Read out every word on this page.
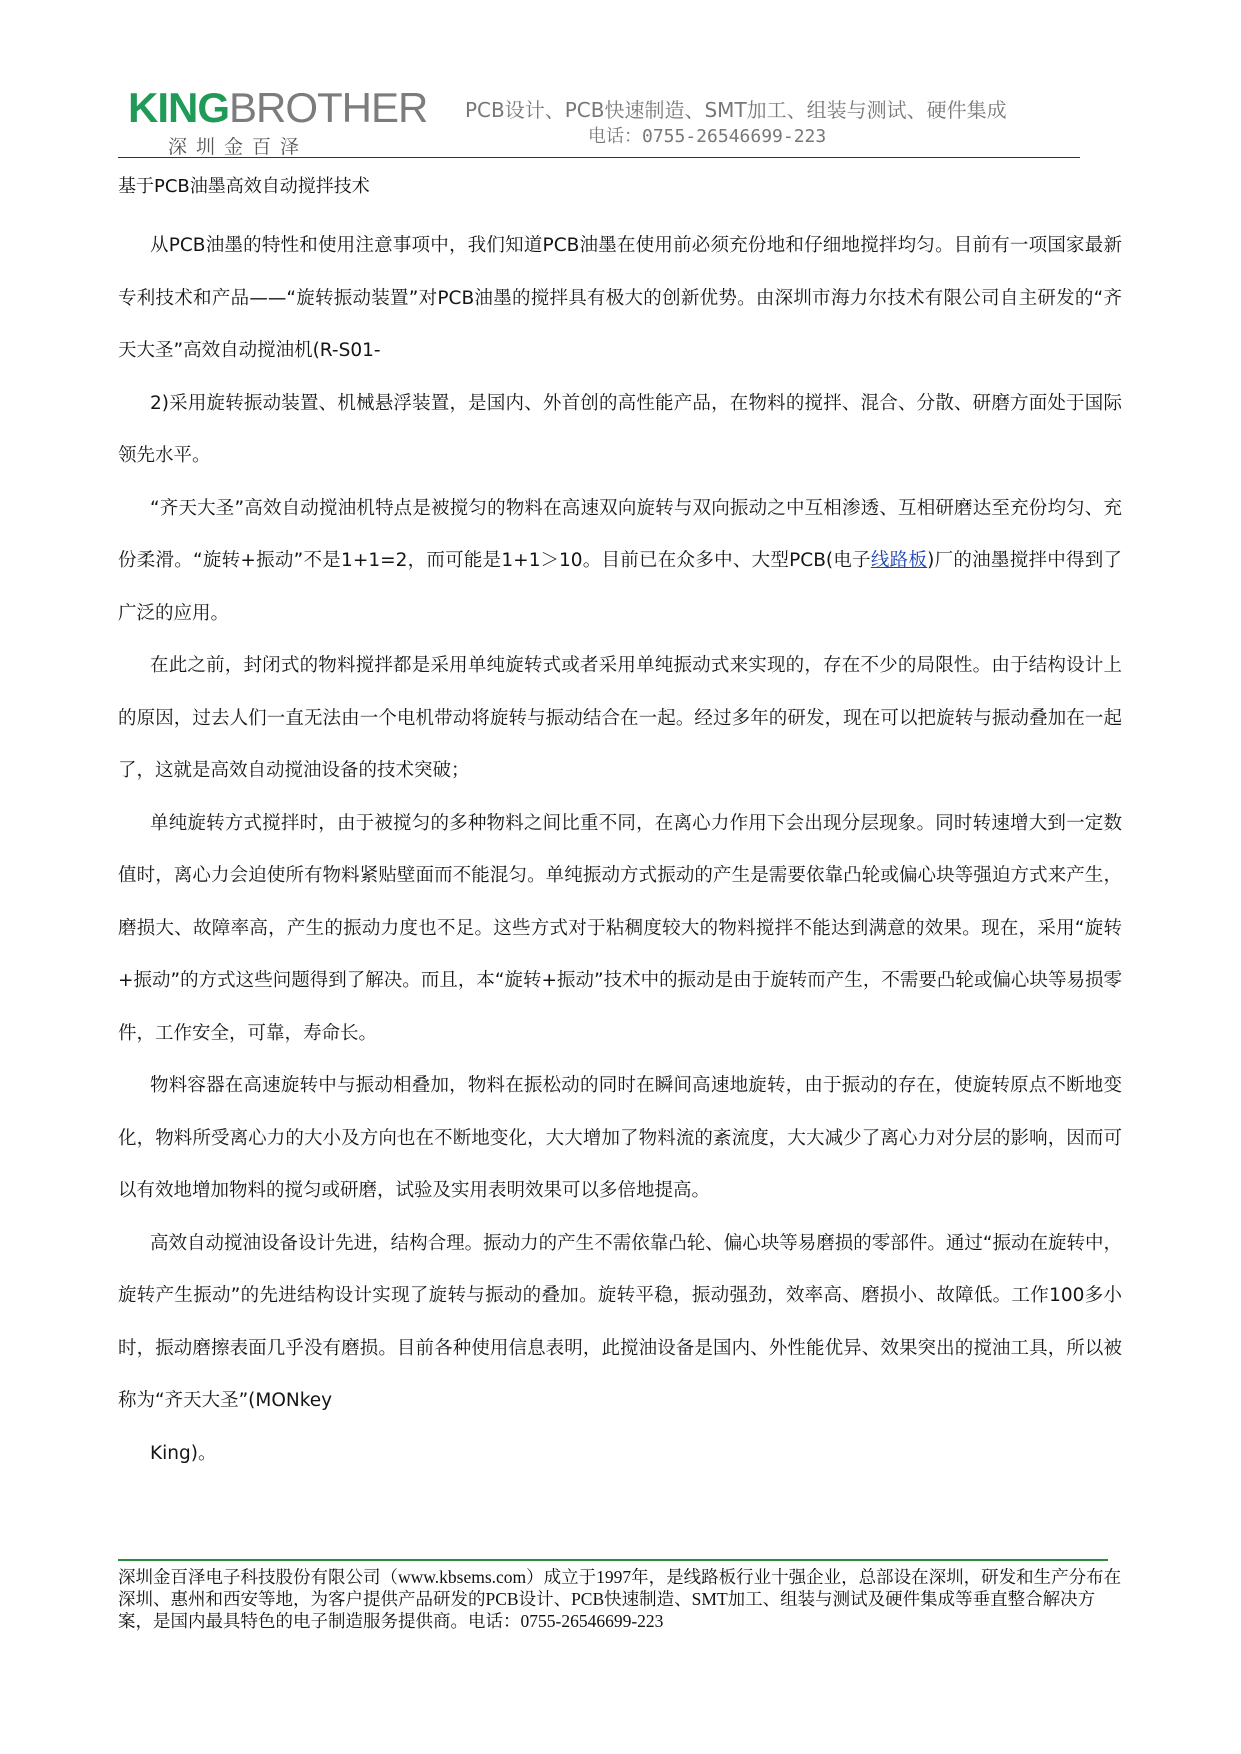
KINGBROTHER
深圳金百泽
PCB设计、PCB快速制造、SMT加工、组装与测试、硬件集成
电话：0755-26546699-223
基于PCB油墨高效自动搅拌技术

从PCB油墨的特性和使用注意事项中，我们知道PCB油墨在使用前必须充份地和仔细地搅拌均匀。目前有一项国家最新专利技术和产品——“旋转振动装置”对PCB油墨的搅拌具有极大的创新优势。由深圳市海力尔技术有限公司自主研发的“齐天大圣”高效自动搅油机(R-S01-

2)采用旋转振动装置、机械悬浮装置，是国内、外首创的高性能产品，在物料的搅拌、混合、分散、研磨方面处于国际领先水平。

“齐天大圣”高效自动搅油机特点是被搅匀的物料在高速双向旋转与双向振动之中互相渗透、互相研磨达至充份均匀、充份柔滑。“旋转+振动”不是1+1=2，而可能是1+1＞10。目前已在众多中、大型PCB(电子线路板)厂的油墨搅拌中得到了广泛的应用。

在此之前，封闭式的物料搅拌都是采用单纯旋转式或者采用单纯振动式来实现的，存在不少的局限性。由于结构设计上的原因，过去人们一直无法由一个电机带动将旋转与振动结合在一起。经过多年的研发，现在可以把旋转与振动叠加在一起了，这就是高效自动搅油设备的技术突破；

单纯旋转方式搅拌时，由于被搅匀的多种物料之间比重不同，在离心力作用下会出现分层现象。同时转速增大到一定数值时，离心力会迫使所有物料紧贴壁面而不能混匀。单纯振动方式振动的产生是需要依靠凸轮或偏心块等强迫方式来产生，磨损大、故障率高，产生的振动力度也不足。这些方式对于粘稠度较大的物料搅拌不能达到满意的效果。现在，采用“旋转+振动”的方式这些问题得到了解决。而且，本“旋转+振动”技术中的振动是由于旋转而产生，不需要凸轮或偏心块等易损零件，工作安全，可靠，寿命长。

物料容器在高速旋转中与振动相叠加，物料在振松动的同时在瞬间高速地旋转，由于振动的存在，使旋转原点不断地变化，物料所受离心力的大小及方向也在不断地变化，大大增加了物料流的紊流度，大大减少了离心力对分层的影响，因而可以有效地增加物料的搅匀或研磨，试验及实用表明效果可以多倍地提高。

高效自动搅油设备设计先进，结构合理。振动力的产生不需依靠凸轮、偏心块等易磨损的零部件。通过“振动在旋转中，旋转产生振动”的先进结构设计实现了旋转与振动的叠加。旋转平稳，振动强劲，效率高、磨损小、故障低。工作100多小时，振动磨擦表面几乎没有磨损。目前各种使用信息表明，此搅油设备是国内、外性能优异、效果突出的搅油工具，所以被称为“齐天大圣”(MONkey

King)。

深圳金百泽电子科技股份有限公司（www.kbsems.com）成立于1997年，是线路板行业十强企业，总部设在深圳，研发和生产分布在深圳、惠州和西安等地，为客户提供产品研发的PCB设计、PCB快速制造、SMT加工、组装与测试及硬件集成等垂直整合解决方案，是国内最具特色的电子制造服务提供商。电话：0755-26546699-223
